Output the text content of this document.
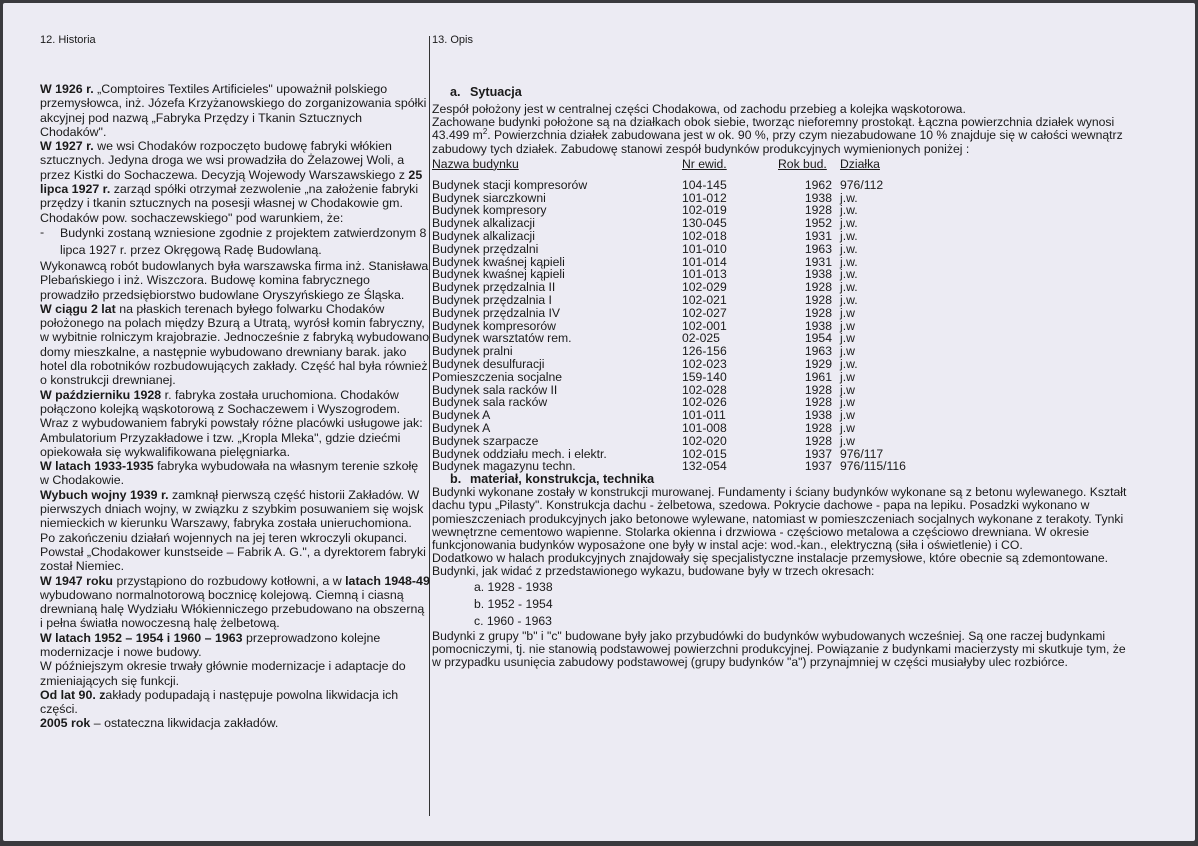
12. Historia

W 1926 r. „Comptoires Textiles Artificieles" upoważnił polskiego przemysłowca, inż. Józefa Krzyżanowskiego do zorganizowania spółki akcyjnej pod nazwą „Fabryka Przędzy i Tkanin Sztucznych Chodaków".

W 1927 r. we wsi Chodaków rozpoczęto budowę fabryki włókien sztucznych. Jedyna droga we wsi prowadziła do Żelazowej Woli, a przez Kistki do Sochaczewa. Decyzją Wojewody Warszawskiego z 25 lipca 1927 r. zarząd spółki otrzymał zezwolenie „na założenie fabryki przędzy i tkanin sztucznych na posesji własnej w Chodakowie gm. Chodaków pow. sochaczewskiego" pod warunkiem, że:

-	Budynki zostaną wzniesione zgodnie z projektem zatwierdzonym 8 lipca 1927 r. przez Okręgową Radę Budowlaną.

Wykonawcą robót budowlanych była warszawska firma inż. Stanisława Plebańskiego i inż. Wiszczora. Budowę komina fabrycznego prowadziło przedsiębiorstwo budowlane Oryszyńskiego ze Śląska.

W ciągu 2 lat na płaskich terenach byłego folwarku Chodaków położonego na polach między Bzurą a Utratą, wyrósł komin fabryczny, w wybitnie rolniczym krajobrazie. Jednocześnie z fabryką wybudowano domy mieszkalne, a następnie wybudowano drewniany barak. jako hotel dla robotników rozbudowujących zakłady. Część hal była również o konstrukcji drewnianej.

W październiku 1928 r. fabryka została uruchomiona. Chodaków połączono kolejką wąskotorową z Sochaczewem i Wyszogrodem. Wraz z wybudowaniem fabryki powstały różne placówki usługowe jak: Ambulatorium Przyzakładowe i tzw. „Kropla Mleka", gdzie dziećmi opiekowała się wykwalifikowana pielęgniarka.

W latach 1933-1935 fabryka wybudowała na własnym terenie szkołę w Chodakowie.

Wybuch wojny 1939 r. zamknął pierwszą część historii Zakładów. W pierwszych dniach wojny, w związku z szybkim posuwaniem się wojsk niemieckich w kierunku Warszawy, fabryka została unieruchomiona. Po zakończeniu działań wojennych na jej teren wkroczyli okupanci. Powstał „Chodakower kunstseide – Fabrik A. G.", a dyrektorem fabryki został Niemiec.

W 1947 roku przystąpiono do rozbudowy kotłowni, a w latach 1948-49 wybudowano normalnotorową bocznicę kolejową. Ciemną i ciasną drewnianą halę Wydziału Włókienniczego przebudowano na obszerną i pełna światła nowoczesną halę żelbetową.

W latach 1952 – 1954 i 1960 – 1963 przeprowadzono kolejne modernizacje i nowe budowy.

W późniejszym okresie trwały głównie modernizacje i adaptacje do zmieniających się funkcji.

Od lat 90. zakłady podupadają i następuje powolna likwidacja ich części.

2005 rok – ostateczna likwidacja zakładów.

13. Opis

a. Sytuacja

Zespół położony jest w centralnej części Chodakowa, od zachodu przebieg a kolejka wąskotorowa.

Zachowane budynki położone są na działkach obok siebie, tworząc nieforemny prostokąt. Łączna powierzchnia działek wynosi

43.499 $m^2$. Powierzchnia działek zabudowana jest w ok. 90 %, przy czym niezabudowane 10 % znajduje się w całości wewnątrz

zabudowy tych działek. Zabudowę stanowi zespół budynków produkcyjnych wymienionych poniżej :

Nazwa budynku	Nr ewid.	Rok bud.	Działka

Budynek stacji kompresorów	104-145	1962	976/112
Budynek siarczkowni	101-012	1938	j.w.
Budynek kompresory	102-019	1928	j.w.
Budynek alkalizacji	130-045	1952	j.w.
Budynek alkalizacji	102-018	1931	j.w.
Budynek przędzalni	101-010	1963	j.w.
Budynek kwaśnej kąpieli	101-014	1931	j.w.
Budynek kwaśnej kąpieli	101-013	1938	j.w.
Budynek przędzalnia II	102-029	1928	j.w.
Budynek przędzalnia I	102-021	1928	j.w.
Budynek przędzalnia IV	102-027	1928	j.w
Budynek kompresorów	102-001	1938	j.w
Budynek warsztatów rem.	02-025	1954	j.w
Budynek pralni	126-156	1963	j.w
Budynek desulfuracji	102-023	1929	j.w.
Pomieszczenia socjalne	159-140	1961	j.w
Budynek sala racków II	102-028	1928	j.w
Budynek sala racków	102-026	1928	j.w
Budynek A	101-011	1938	j.w
Budynek A	101-008	1928	j.w
Budynek szarpacze	102-020	1928	j.w
Budynek oddziału mech. i elektr.	102-015	1937	976/117
Budynek magazynu techn.	132-054	1937	976/115/116
b. materiał, konstrukcja, technika

Budynki wykonane zostały w konstrukcji murowanej. Fundamenty i ściany budynków wykonane są z betonu wylewanego. Kształt

dachu typu „Pilasty". Konstrukcja dachu - żelbetowa, szedowa. Pokrycie dachowe - papa na lepiku. Posadzki wykonano w

pomieszczeniach produkcyjnych jako betonowe wylewane, natomiast w pomieszczeniach socjalnych wykonane z terakoty. Tynki

wewnętrzne cementowo wapienne. Stolarka okienna i drzwiowa - częściowo metalowa a częściowo drewniana. W okresie

funkcjonowania budynków wyposażone one były w instal acje: wod.-kan., elektryczną (siła i oświetlenie) i CO.

Dodatkowo w halach produkcyjnych znajdowały się specjalistyczne instalacje przemysłowe, które obecnie są zdemontowane.

Budynki, jak widać z przedstawionego wykazu, budowane były w trzech okresach:

a. 1928 - 1938
b. 1952 - 1954
c. 1960 - 1963

Budynki z grupy "b" i "c" budowane były jako przybudówki do budynków wybudowanych wcześniej. Są one raczej budynkami

pomocniczymi, tj. nie stanowią podstawowej powierzchni produkcyjnej. Powiązanie z budynkami macierzysty mi skutkuje tym, że

w przypadku usunięcia zabudowy podstawowej (grupy budynków "a") przynajmniej w części musiałyby ulec rozbiórce.
